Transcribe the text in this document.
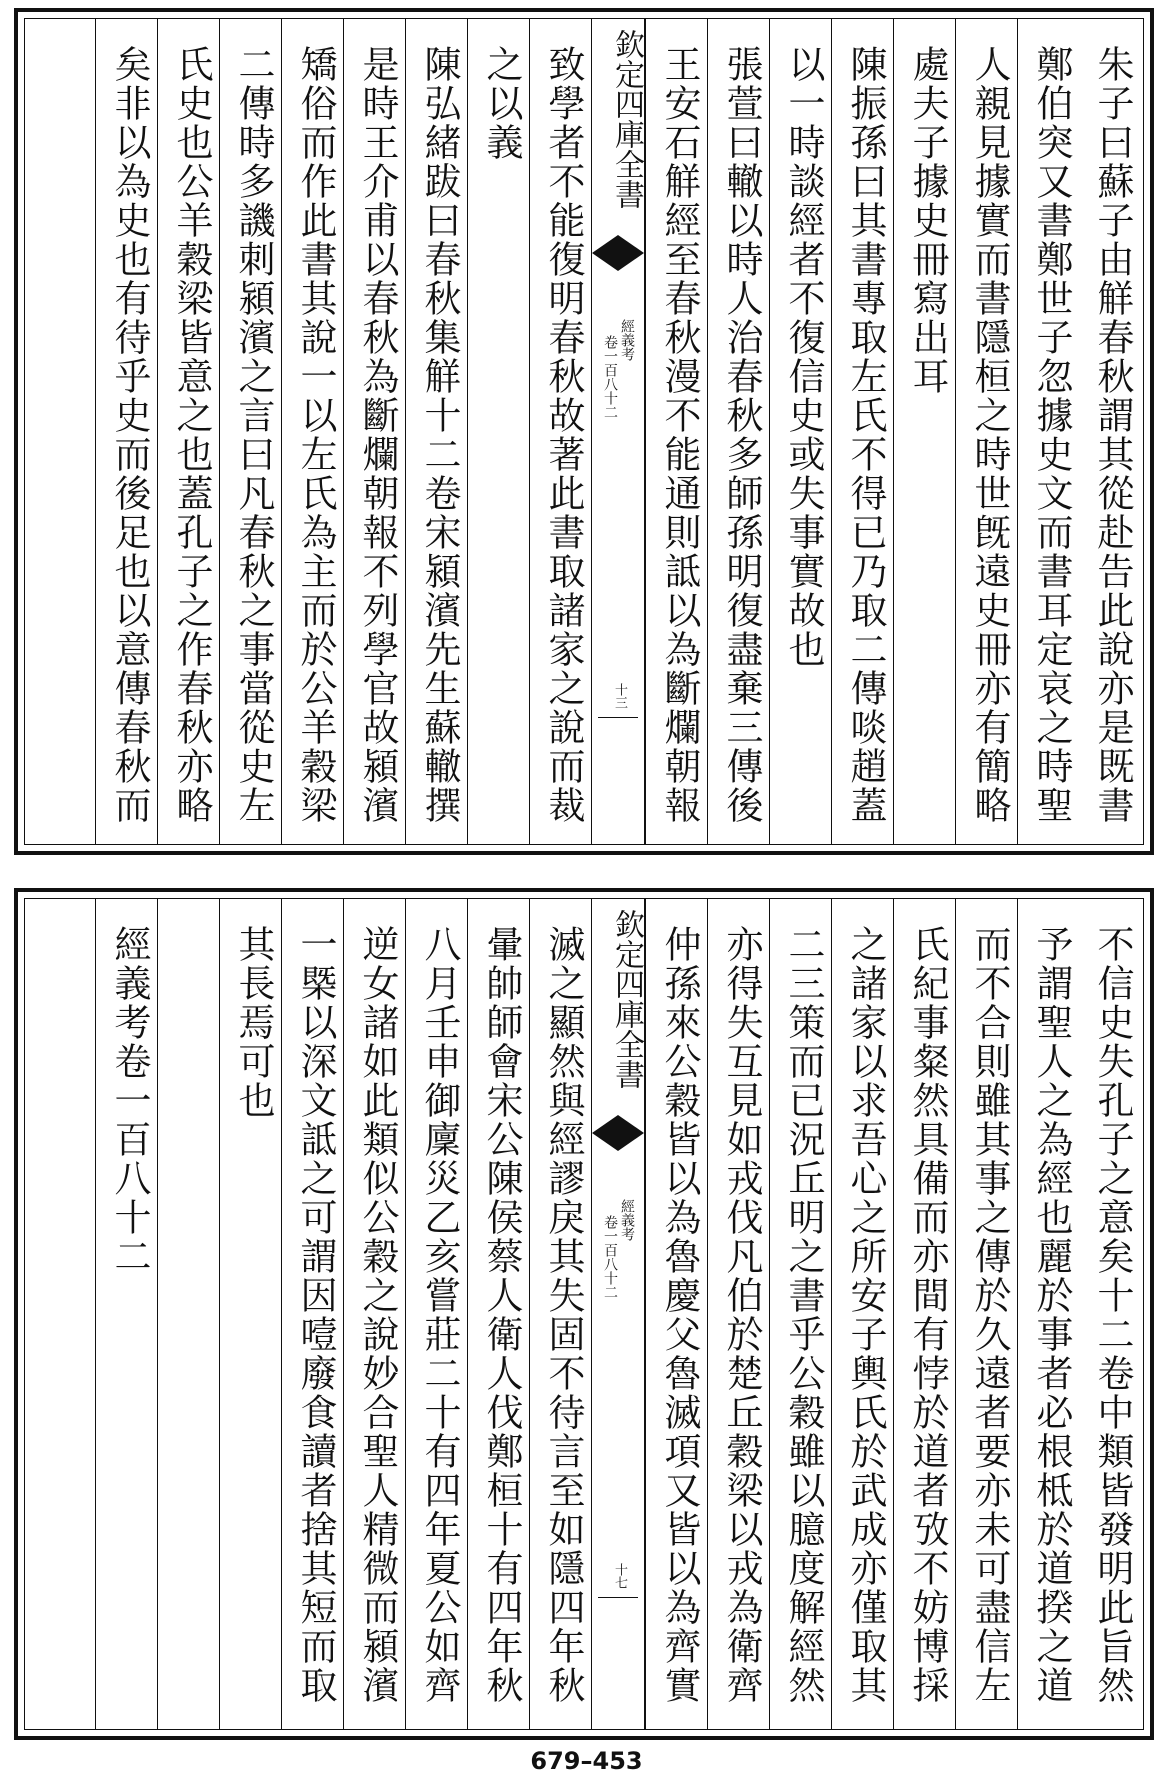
朱子曰蘇子由觧春秋謂其從赴告此說亦是既書
鄭伯突又書鄭世子忽據史文而書耳定哀之時聖
人親見據實而書隱桓之時世旣遠史冊亦有簡略
處夫子據史冊寫出耳
陳振孫曰其書專取左氏不得已乃取二傳啖趙蓋
以一時談經者不復信史或失事實故也
張萱曰轍以時人治春秋多師孫明復盡棄三傳後
王安石觧經至春秋漫不能通則詆以為斷爛朝報
欽定四庫全書
經義考
卷一百八十二
十三
致學者不能復明春秋故著此書取諸家之說而裁
之以義
陳弘緒跋曰春秋集觧十二卷宋潁濱先生蘇轍撰
是時王介甫以春秋為斷爛朝報不列學官故潁濱
矯俗而作此書其說一以左氏為主而於公羊穀梁
二傳時多譏刺潁濱之言曰凡春秋之事當從史左
氏史也公羊穀梁皆意之也蓋孔子之作春秋亦略
矣非以為史也有待乎史而後足也以意傳春秋而
不信史失孔子之意矣十二卷中類皆發明此旨然
予謂聖人之為經也麗於事者必根柢於道揆之道
而不合則雖其事之傳於久遠者要亦未可盡信左
氏紀事粲然具備而亦間有悖於道者攷不妨博採
之諸家以求吾心之所安子輿氏於武成亦僅取其
二三策而已況丘明之書乎公穀雖以臆度解經然
亦得失互見如戎伐凡伯於楚丘穀梁以戎為衛齊
仲孫來公穀皆以為魯慶父魯滅項又皆以為齊實
欽定四庫全書
經義考
卷一百八十二
十七
滅之顯然與經謬戾其失固不待言至如隱四年秋
暈帥師會宋公陳侯蔡人衛人伐鄭桓十有四年秋
八月壬申御廩災乙亥嘗莊二十有四年夏公如齊
逆女諸如此類似公穀之說妙合聖人精微而潁濱
一槩以深文詆之可謂因噎廢食讀者捨其短而取
其長焉可也
經義考卷一百八十二
679–453
